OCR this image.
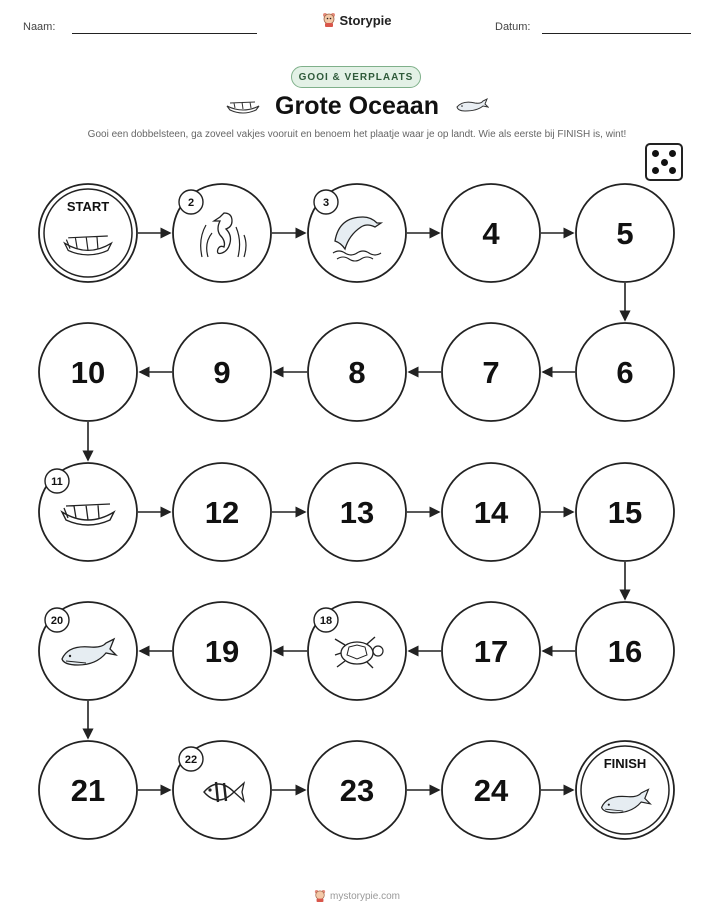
Naam:	Datum:
Storypie
GOOI & VERPLAATS
Grote Oceaan
Gooi een dobbelsteen, ga zoveel vakjes vooruit en benoem het plaatje waar je op landt. Wie als eerste bij FINISH is, wint!
START	2	3
4	5
6
7
8
9
10
11
12	13	14	15
16
17
18
19
20
21
22
23	24
FINISH
mystorypie.com
